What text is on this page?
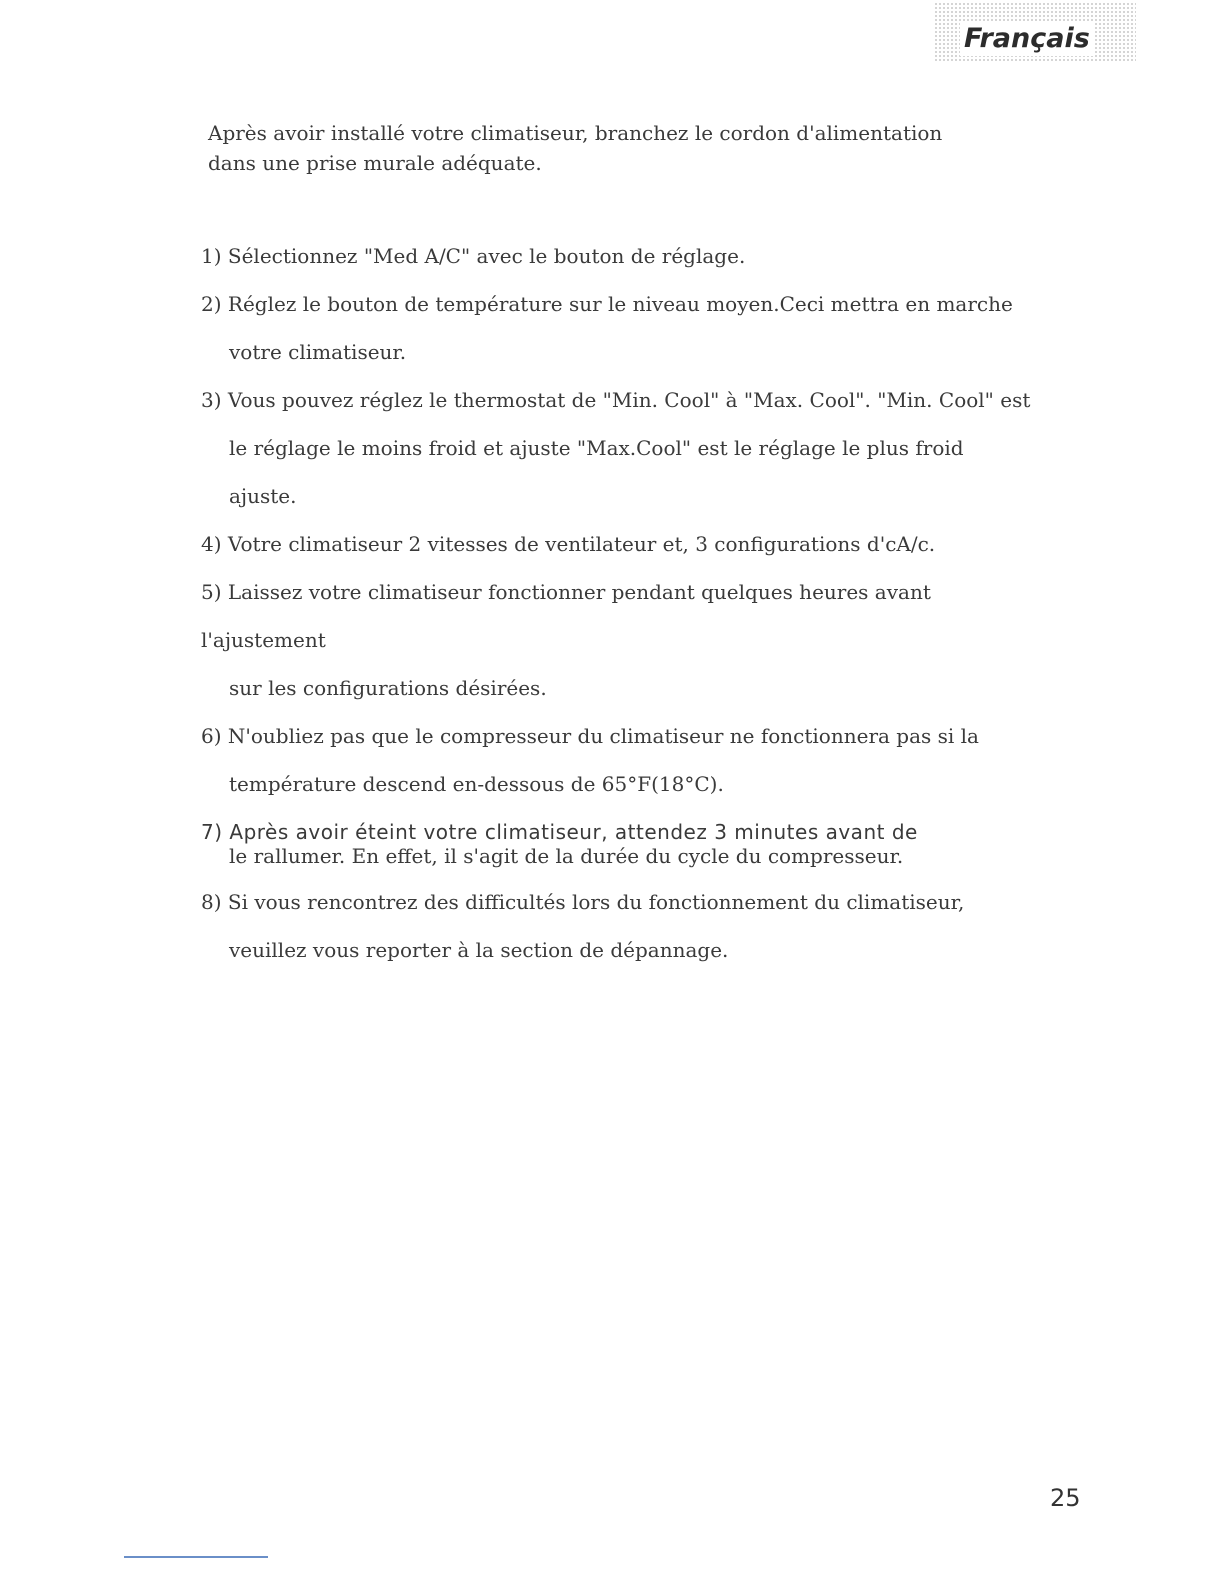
Français

Après avoir installé votre climatiseur, branchez le cordon d'alimentation

dans une prise murale adéquate.

1) Sélectionnez "Med A/C" avec le bouton de réglage.

2) Réglez le bouton de température sur le niveau moyen.Ceci mettra en marche

votre climatiseur.

3) Vous pouvez réglez le thermostat de "Min. Cool" à "Max. Cool". "Min. Cool" est

le réglage le moins froid et ajuste "Max.Cool" est le réglage le plus froid ajuste.

4) Votre climatiseur 2 vitesses de ventilateur et, 3 configurations d'cA/c.

5) Laissez votre climatiseur fonctionner pendant quelques heures avant l'ajustement

sur les configurations désirées.

6) N'oubliez pas que le compresseur du climatiseur ne fonctionnera pas si la

température descend en-dessous de 65°F(18°C).

7) Après avoir éteint votre climatiseur, attendez 3 minutes avant de

le rallumer. En effet, il s'agit de la durée du cycle du compresseur.

8) Si vous rencontrez des difficultés lors du fonctionnement du climatiseur,

veuillez vous reporter à la section de dépannage.

25
